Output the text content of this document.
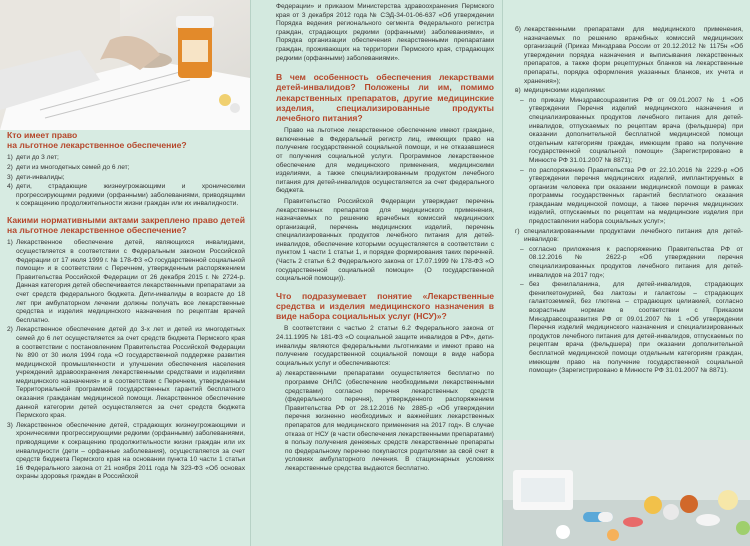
Кто имеет право
на льготное лекарственное обеспечение?
1) дети до 3 лет;
2) дети из многодетных семей до 6 лет;
3) дети-инвалиды;
4) дети, страдающие жизнеугрожающими и хроническими прогрессирующими редкими (орфанными) заболеваниями, приводящими к сокращению продолжительности жизни граждан или их инвалидности.
Какими нормативными актами закреплено право детей на льготное лекарственное обеспечение?
1) Лекарственное обеспечение детей, являющихся инвалидами, осуществляется в соответствии с Федеральным законом Российской Федерации от 17 июля 1999 г. № 178-ФЗ «О государственной социальной помощи» и в соответствии с Перечнем, утвержденным распоряжением Правительства Российской Федерации от 26 декабря 2015 г. № 2724-р. Данная категория детей обеспечивается лекарственными препаратами за счет средств федерального бюджета. Дети-инвалиды в возрасте до 18 лет при амбулаторном лечении должны получать все лекарственные средства и изделия медицинского назначения по рецептам врачей бесплатно.
2) Лекарственное обеспечение детей до 3-х лет и детей из многодетных семей до 6 лет осуществляется за счет средств бюджета Пермского края в соответствии с постановлением Правительства Российской Федерации № 890 от 30 июля 1994 года «О государственной поддержке развития медицинской промышленности и улучшении обеспечения населения учреждений здравоохранения лекарственными средствами и изделиями медицинского назначения» и в соответствии с Перечнем, утвержденным Территориальной программой государственных гарантий бесплатного оказания гражданам медицинской помощи. Лекарственное обеспечение данной категории детей осуществляется за счет средств бюджета Пермского края.
3) Лекарственное обеспечение детей, страдающих жизнеугрожающими и хроническими прогрессирующими редкими (орфанными) заболеваниями, приводящими к сокращению продолжительности жизни граждан или их инвалидности (дети – орфанные заболевания), осуществляется за счет средств бюджета Пермского края на основании пункта 10 части 1 статьи 16 Федерального закона от 21 ноября 2011 года № 323-ФЗ «Об основах охраны здоровья граждан в Российской

Федерации» и приказом Министерства здравоохранения Пермского края от 3 декабря 2012 года № СЭД-34-01-06-637 «Об утверждении Порядка ведения регионального сегмента Федерального регистра граждан, страдающих редкими (орфанными) заболеваниями», и Порядка организации обеспечения лекарственными препаратами граждан, проживающих на территории Пермского края, страдающих редкими (орфанными) заболеваниями».

В чем особенность обеспечения лекарствами детей-инвалидов? Положены ли им, помимо лекарственных препаратов, другие медицинские изделия, специализированные продукты лечебного питания?

Право на льготное лекарственное обеспечение имеют граждане, включенные в Федеральный регистр лиц, имеющих право на получение государственной социальной помощи, и не отказавшиеся от получения социальной услуги. Программное лекарственное обеспечение для медицинского применения, медицинскими изделиями, а также специализированным продуктом лечебного питания для детей-инвалидов осуществляется за счет федерального бюджета.

Правительство Российской Федерации утверждает перечень лекарственных препаратов для медицинского применения, назначаемых по решению врачебных комиссий медицинских организаций, перечень медицинских изделий, перечень специализированных продуктов лечебного питания для детей-инвалидов, обеспечение которыми осуществляется в соответствии с пунктом 1 части 1 статьи 1, и порядке формирования таких перечней. (Часть 2 статьи 6.2 Федерального закона от 17.07.1999 № 178-ФЗ «О государственной социальной помощи» (О государственной социальной помощи)).

Что подразумевает понятие «Лекарственные средства и изделия медицинского назначения в виде набора социальных услуг (НСУ)»?

В соответствии с частью 2 статьи 6.2 Федерального закона от 24.11.1995 № 181-ФЗ «О социальной защите инвалидов в РФ», дети-инвалиды являются федеральными льготниками и имеют право на получение государственной социальной помощи в виде набора социальных услуг и обеспечиваются:

а) лекарственными препаратами осуществляется бесплатно по программе ОНЛС (обеспечение необходимыми лекарственными средствами) согласно перечня лекарственных средств (федерального перечня), утвержденного распоряжением Правительства РФ от 28.12.2016 № 2885-р «Об утверждении перечня жизненно необходимых и важнейших лекарственных препаратов для медицинского применения на 2017 год». В случае отказа от НСУ (в части обеспечения лекарственными препаратами) в пользу получения денежных средств лекарственные препараты по федеральному перечню покупаются родителями за свой счет в условиях амбулаторного лечения. В стационарных условиях лекарственные средства выдаются бесплатно.
б) лекарственными препаратами для медицинского применения, назначаемых по решению врачебных комиссий медицинских организаций (Приказ Минздрава России от 20.12.2012 № 1175н «Об утверждении порядка назначения и выписывания лекарственных препаратов, а также форм рецептурных бланков на лекарственные препараты, порядка оформления указанных бланков, их учета и хранения»);
в) медицинскими изделиями:
– по приказу Минздравсоцразвития РФ от 09.01.2007 № 1 «Об утверждении Перечня изделий медицинского назначения и специализированных продуктов лечебного питания для детей-инвалидов, отпускаемых по рецептам врача (фельдшера) при оказании дополнительной бесплатной медицинской помощи отдельным категориям граждан, имеющим право на получение государственной социальной помощи» (Зарегистрировано в Минюсте РФ 31.01.2007 № 8871);
– по распоряжению Правительства РФ от 22.10.2016 № 2229-р «Об утверждении перечня медицинских изделий, имплантируемых в организм человека при оказании медицинской помощи в рамках программы государственных гарантий бесплатного оказания гражданам медицинской помощи, а также перечня медицинских изделий, отпускаемых по рецептам на медицинские изделия при предоставлении набора социальных услуг»;
г) специализированными продуктами лечебного питания для детей-инвалидов:
– согласно приложения к распоряжению Правительства РФ от 08.12.2016 № 2622-р «Об утверждении перечня специализированных продуктов лечебного питания для детей-инвалидов на 2017 год»;
– без фенилаланина, для детей-инвалидов, страдающих фенилкетонурией, без лактозы и галактозы – страдающих галактоземией, без глютена – страдающих целиакией, согласно возрастным нормам в соответствии с Приказом Минздравсоцразвития РФ от 09.01.2007 № 1 «Об утверждении Перечня изделий медицинского назначения и специализированных продуктов лечебного питания для детей-инвалидов, отпускаемых по рецептам врача (фельдшера) при оказании дополнительной бесплатной медицинской помощи отдельным категориям граждан, имеющим право на получение государственной социальной помощи» (Зарегистрировано в Минюсте РФ 31.01.2007 № 8871).
